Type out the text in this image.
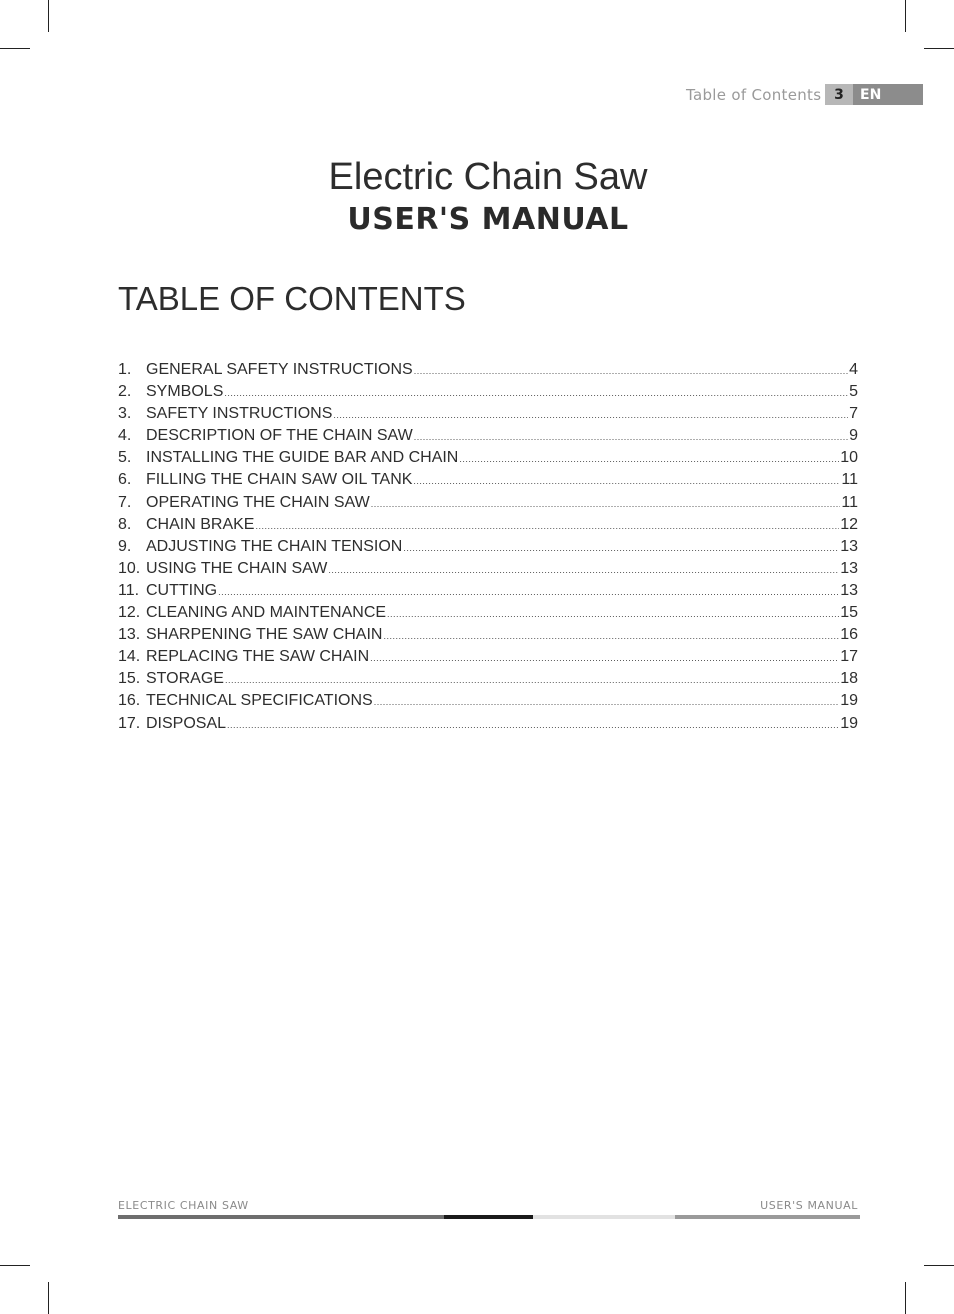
Table of Contents 3	EN
Electric Chain Saw
USER'S MANUAL
TABLE OF CONTENTS
1. GENERAL SAFETY INSTRUCTIONS .....	4
2. SYMBOLS .....	5
3. SAFETY INSTRUCTIONS .....	7
4. DESCRIPTION OF THE CHAIN SAW .....	9
5. INSTALLING THE GUIDE BAR AND CHAIN .....	10
6. FILLING THE CHAIN SAW OIL TANK .....	11
7. OPERATING THE CHAIN SAW .....	11
8. CHAIN BRAKE .....	12
9. ADJUSTING THE CHAIN TENSION .....	13
10. USING THE CHAIN SAW .....	13
11. CUTTING .....	13
12. CLEANING AND MAINTENANCE .....	15
13. SHARPENING THE SAW CHAIN .....	16
14. REPLACING THE SAW CHAIN .....	17
15. STORAGE .....	18
16. TECHNICAL SPECIFICATIONS .....	19
17. DISPOSAL .....	19
ELECTRIC CHAIN SAW	USER'S MANUAL
